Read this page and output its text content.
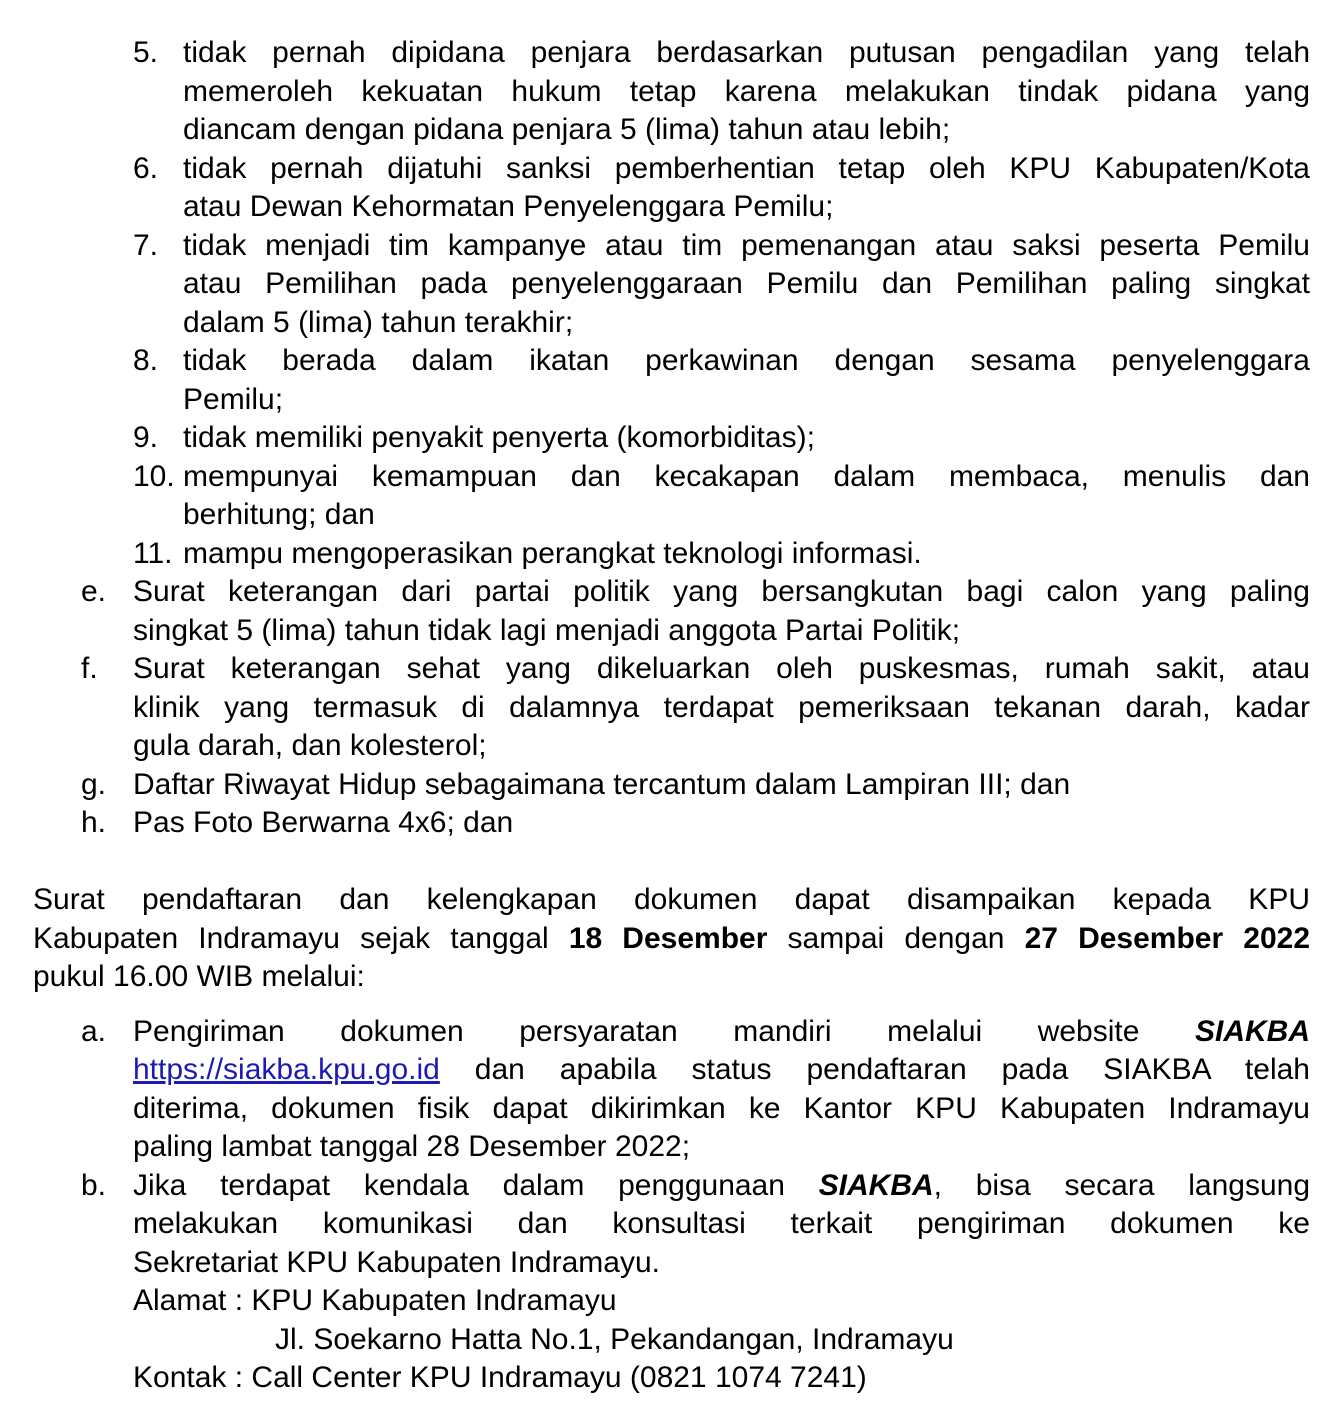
5. tidak pernah dipidana penjara berdasarkan putusan pengadilan yang telah
memeroleh kekuatan hukum tetap karena melakukan tindak pidana yang
diancam dengan pidana penjara 5 (lima) tahun atau lebih;
6. tidak pernah dijatuhi sanksi pemberhentian tetap oleh KPU Kabupaten/Kota
atau Dewan Kehormatan Penyelenggara Pemilu;
7. tidak menjadi tim kampanye atau tim pemenangan atau saksi peserta Pemilu
atau Pemilihan pada penyelenggaraan Pemilu dan Pemilihan paling singkat
dalam 5 (lima) tahun terakhir;
8. tidak berada dalam ikatan perkawinan dengan sesama penyelenggara
Pemilu;
9. tidak memiliki penyakit penyerta (komorbiditas);
10. mempunyai kemampuan dan kecakapan dalam membaca, menulis dan
berhitung; dan
11. mampu mengoperasikan perangkat teknologi informasi.
e. Surat keterangan dari partai politik yang bersangkutan bagi calon yang paling
singkat 5 (lima) tahun tidak lagi menjadi anggota Partai Politik;
f. Surat keterangan sehat yang dikeluarkan oleh puskesmas, rumah sakit, atau
klinik yang termasuk di dalamnya terdapat pemeriksaan tekanan darah, kadar
gula darah, dan kolesterol;
g. Daftar Riwayat Hidup sebagaimana tercantum dalam Lampiran III; dan
h. Pas Foto Berwarna 4x6; dan
Surat pendaftaran dan kelengkapan dokumen dapat disampaikan kepada KPU
Kabupaten Indramayu sejak tanggal 18 Desember sampai dengan 27 Desember 2022
pukul 16.00 WIB melalui:
a. Pengiriman dokumen persyaratan mandiri melalui website SIAKBA
https://siakba.kpu.go.id dan apabila status pendaftaran pada SIAKBA telah
diterima, dokumen fisik dapat dikirimkan ke Kantor KPU Kabupaten Indramayu
paling lambat tanggal 28 Desember 2022;
b. Jika terdapat kendala dalam penggunaan SIAKBA, bisa secara langsung
melakukan komunikasi dan konsultasi terkait pengiriman dokumen ke
Sekretariat KPU Kabupaten Indramayu.
Alamat : KPU Kabupaten Indramayu
Jl. Soekarno Hatta No.1, Pekandangan, Indramayu
Kontak : Call Center KPU Indramayu (0821 1074 7241)
